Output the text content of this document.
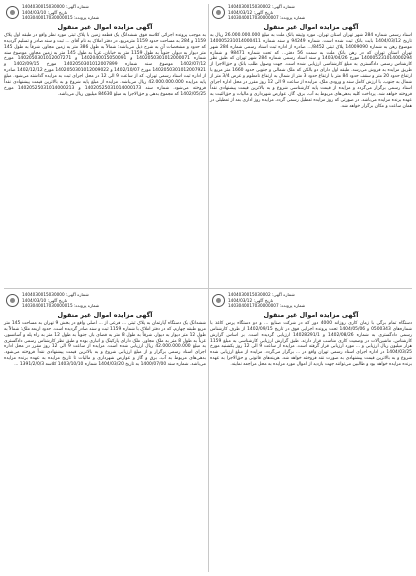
شماره آگهی: 1404030015030002
تاریخ آگهی: 1404/03/12
شماره پرونده: 1403040017030000007
آگهی مزایده اموال غیر منقول
اسناد رسمی شماره 284 شهر تهران استان تهران، مورد وثیقه بانک ملت به مبلغ 26.000.000.000 ریال به تاریخ 1404/03/12 بابت بانک ثبت شده است. شماره 94249 و سند شماره 140005231014000411 موضوع رهن به شماره 14009090 پلاک ثبتی 8452/... صادره از اداره ثبت اسناد رسمی شماره 284 شهر تهران استان تهران که در رهن بانک ملت به سمت 56 دفتر... که تحت شماره 98471 و شماره 140005231014000294 مورخ 1403/04/26 و سند اسناد رسمی شماره 284 شهر تهران که طبق نظر کارشناس رسمی دادگستری به مبلغ کارشناسی ارزیابی شده است. جهت وصول طلب بانک و حق‌الاجرا از طریق مزایده به فروش می‌رسد. طبقه اول دارای دو بالکن که ملک شمالی و جنوبی حدود 1660 متر مربع با ارتفاع حدود 20 متر و سقف حدود 84 متر با ارتفاع حدود 3 متر از شمال به ارتفاع نامعلوم و عرض 3/4 متر از شمال به جنوب، با ارزش کامل سند و ورودی ملک. مزایده از ساعت 9 الی 12 روز مقرر در محل اداره اجرای اسناد رسمی برگزار می‌گردد و مزایده از قیمت پایه کارشناسی شروع و به بالاترین قیمت پیشنهادی نقداً فروخته خواهد شد. پرداخت کلیه بدهی‌های مربوط به آب، برق، گاز، عوارض شهرداری و مالیات و حق‌الثبت به عهده برنده مزایده می‌باشد. در صورتی که روز مزایده تعطیل رسمی گردد، مزایده روز اداری بعد از تعطیلی در همان ساعت و مکان برگزار خواهد شد.
شماره آگهی: 1404030015030000
تاریخ آگهی: 1404/03/10
شماره پرونده: 1403040017030000015
آگهی مزایده اموال غیر منقول
به موجب پرونده اجرائی کلاسه فوق ششدانگ یک قطعه زمین با پلاک ثبتی مورد نظر واقع در طبقه اول پلاک 1159 و 284 به مساحت حدود 1159 مترمربع، در دفتر املاک به نام آقای ... ثبت و سند صادر و تسلیم گردیده که حدود و مشخصات آن به شرح ذیل می‌باشد: شمالاً به طول 386 متر به زمین مجاور، شرقاً به طول 145 متر دیوار به دیوار، جنوباً به طول 1159 متر به خیابان، غرباً به طول 145 متر به زمین مجاور. موضوع سند شماره 1402050301012000071 و 1402040015050091 و 1402050301012007271 مورخ 1402/07/12 موضوع سند شماره 1402050301012007899 مورخ 1402/09/15 و 1402050301012007921 مورخ 1402/10/07 و 1402050301012009022 مورخ 1402/12/12 صادره از اداره ثبت اسناد رسمی تهران، که از ساعت 9 الی 12 در محل اجرای ثبت به مزایده گذاشته می‌شود. مبلغ پایه مزایده 42.000.000.000 ریال می‌باشد. مزایده از مبلغ پایه شروع و به بالاترین قیمت پیشنهادی نقداً فروخته می‌شود. شماره سند 14020525031014000173 و 14020525031014000213 مورخ 1402/05/25 که مجموع بدهی و حق‌الاجرا به مبلغ 84630 میلیون ریال می‌باشد.
شماره آگهی: 1404030015030002
تاریخ آگهی: 1404/03/12
شماره پرونده: 1403040017030000007
آگهی مزایده اموال غیر منقول
دستگاه تمام برگی با زمان کاری روزانه 4000 دور که در شرکت صنایع ... و دو دستگاه پرس کاغذ با شماره‌های 0500343 و 1404/05/06 تحت پرونده اجرایی فوق در تاریخ 1402/09/15 از طرف کارشناس رسمی دادگستری به شماره 1402/08/26 و 14028291/1 ارزیابی گردیده است. بر اساس گزارش کارشناس، ماشین‌آلات در وضعیت کاری مناسب قرار دارند. طبق گزارش ارزیابی کارشناسی به مبلغ 1159 هزار میلیون ریال ارزیابی و ... مورد ارزیابی قرار گرفته است. مزایده از ساعت 9 الی 12 روز یکشنبه مورخ 1404/03/25 در اداره اجرای اسناد رسمی تهران واقع در ... برگزار می‌گردد. مزایده از مبلغ ارزیابی شده شروع و به بالاترین قیمت پیشنهادی به صورت نقد فروخته خواهد شد. هزینه‌های قانونی و حق‌الاجرا به عهده برنده مزایده خواهد بود و طالبین می‌توانند جهت بازدید از اموال مورد مزایده به محل مراجعه نمایند.
شماره آگهی: 1404030015030000
تاریخ آگهی: 1404/03/10
شماره پرونده: 1403040017030000015
آگهی مزایده اموال غیر منقول
ششدانگ یک دستگاه آپارتمان به پلاک ثبتی ... فرعی از ... اصلی واقع در بخش 9 تهران به مساحت 145 متر مربع طبقه چهارم، که در دفتر املاک با شماره 1159 ثبت و سند صادر گردیده است. حدود اربعه ملک: شمالاً به طول 12 متر دیوار به دیوار، شرقاً به طول 8 متر به فضای باز، جنوباً به طول 12 متر به راه پله و آسانسور، غرباً به طول 8 متر به ملک مجاور. ملک دارای پارکینگ و انباری بوده و طبق نظر کارشناس رسمی دادگستری به مبلغ 42.000.000.000 ریال ارزیابی شده است. مزایده از ساعت 9 الی 12 روز مقرر در محل اداره اجرای اسناد رسمی برگزار و از مبلغ ارزیابی شروع و به بالاترین قیمت پیشنهادی نقداً فروخته می‌شود. بدهی‌های مربوط به آب، برق و گاز و عوارض شهرداری و مالیات تا تاریخ مزایده به عهده برنده مزایده می‌باشد. شماره سند 1400/07/00 به تاریخ 1404/03/20 شماره 1403/10/10 کلاسه 1391/2/0/3 ...
